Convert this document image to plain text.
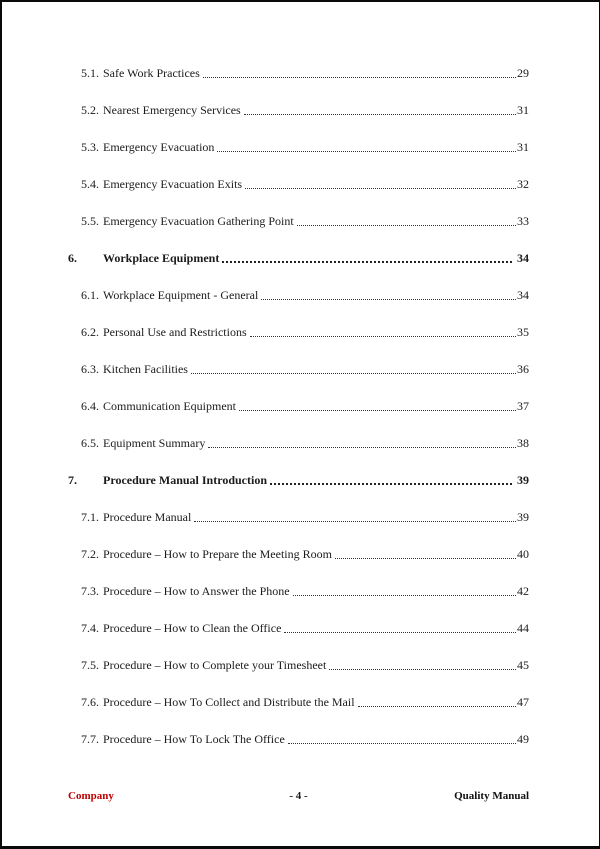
5.1. Safe Work Practices	29
5.2. Nearest Emergency Services	31
5.3. Emergency Evacuation	31
5.4. Emergency Evacuation Exits	32
5.5. Emergency Evacuation Gathering Point	33
6.	Workplace Equipment	34
6.1. Workplace Equipment - General	34
6.2. Personal Use and Restrictions	35
6.3. Kitchen Facilities	36
6.4. Communication Equipment	37
6.5. Equipment Summary	38
7.	Procedure Manual Introduction	39
7.1. Procedure Manual	39
7.2. Procedure – How to Prepare the Meeting Room	40
7.3. Procedure – How to Answer the Phone	42
7.4. Procedure – How to Clean the Office	44
7.5. Procedure – How to Complete your Timesheet	45
7.6. Procedure – How To Collect and Distribute the Mail	47
7.7. Procedure – How To Lock The Office	49
Company	- 4 -	Quality Manual
